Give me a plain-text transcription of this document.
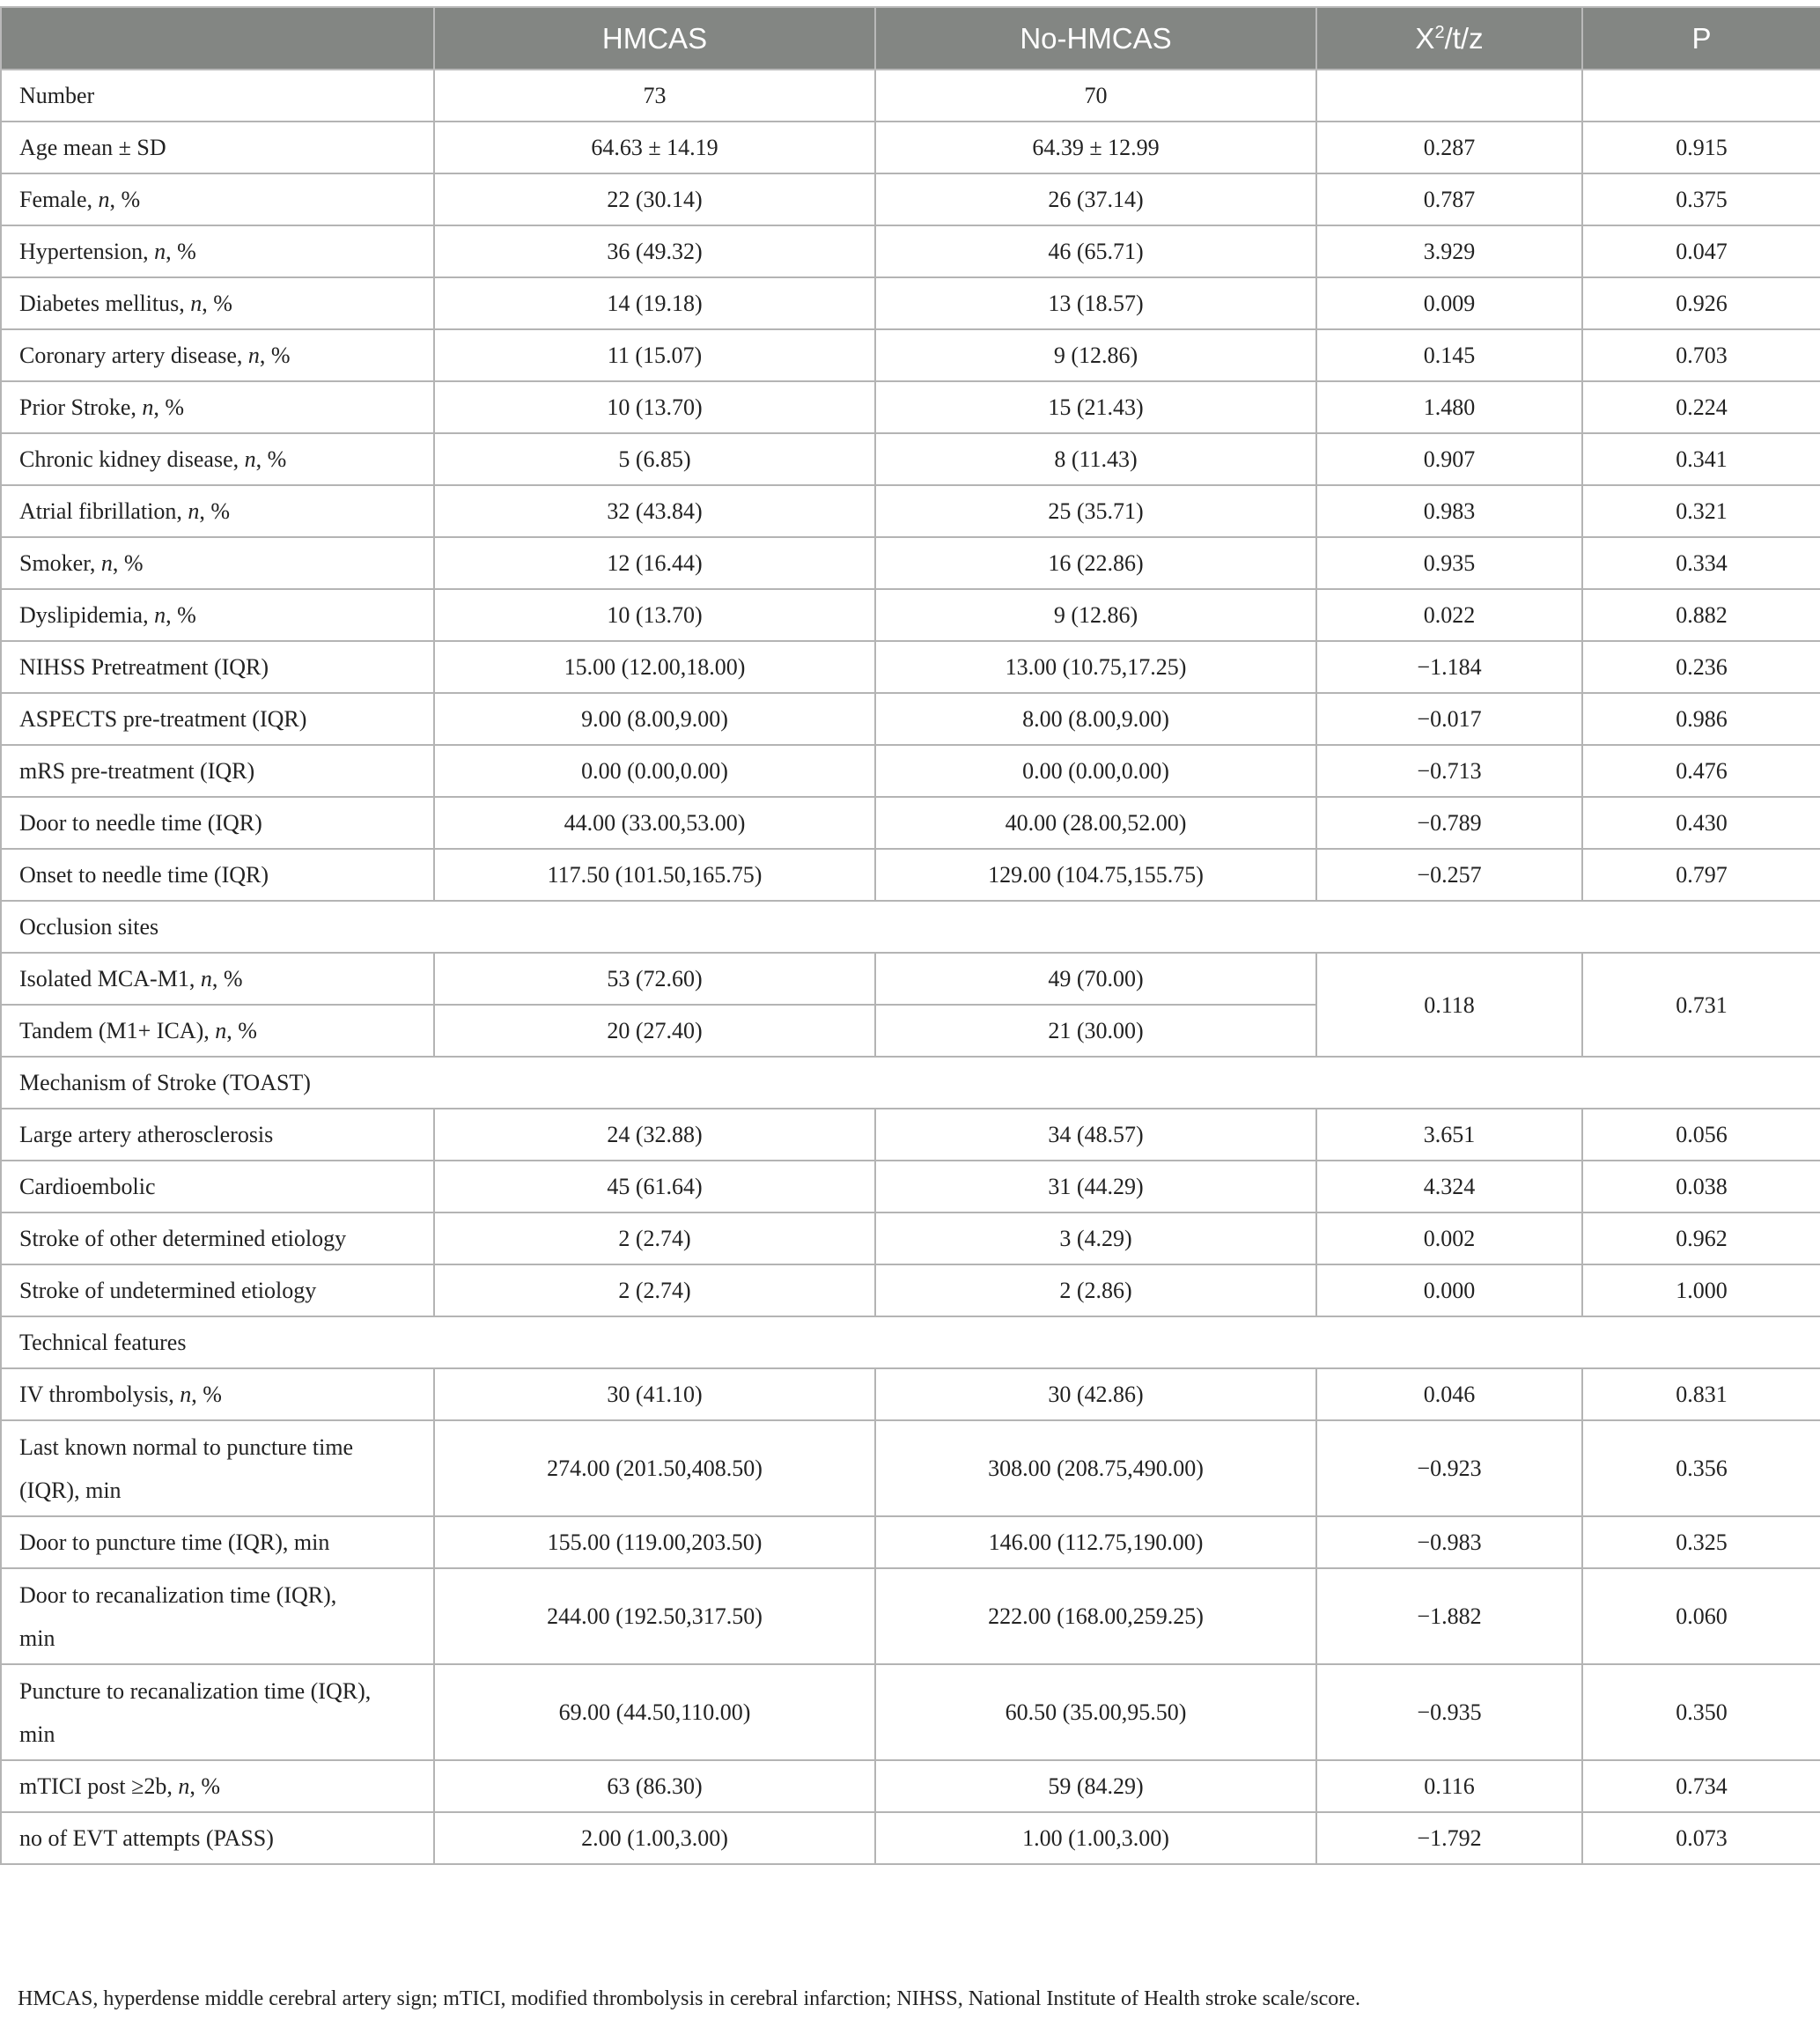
	HMCAS	No-HMCAS	$X^2/t/z$	P
Number	73	70		
Age mean ± SD	64.63 ± 14.19	64.39 ± 12.99	0.287	0.915
Female, n, %	22 (30.14)	26 (37.14)	0.787	0.375
Hypertension, n, %	36 (49.32)	46 (65.71)	3.929	0.047
Diabetes mellitus, n, %	14 (19.18)	13 (18.57)	0.009	0.926
Coronary artery disease, n, %	11 (15.07)	9 (12.86)	0.145	0.703
Prior Stroke, n, %	10 (13.70)	15 (21.43)	1.480	0.224
Chronic kidney disease, n, %	5 (6.85)	8 (11.43)	0.907	0.341
Atrial fibrillation, n, %	32 (43.84)	25 (35.71)	0.983	0.321
Smoker, n, %	12 (16.44)	16 (22.86)	0.935	0.334
Dyslipidemia, n, %	10 (13.70)	9 (12.86)	0.022	0.882
NIHSS Pretreatment (IQR)	15.00 (12.00,18.00)	13.00 (10.75,17.25)	−1.184	0.236
ASPECTS pre-treatment (IQR)	9.00 (8.00,9.00)	8.00 (8.00,9.00)	−0.017	0.986
mRS pre-treatment (IQR)	0.00 (0.00,0.00)	0.00 (0.00,0.00)	−0.713	0.476
Door to needle time (IQR)	44.00 (33.00,53.00)	40.00 (28.00,52.00)	−0.789	0.430
Onset to needle time (IQR)	117.50 (101.50,165.75)	129.00 (104.75,155.75)	−0.257	0.797
Occlusion sites				
Isolated MCA-M1, n, %	53 (72.60)	49 (70.00)	0.118	0.731
Tandem (M1+ ICA), n, %	20 (27.40)	21 (30.00)		
Mechanism of Stroke (TOAST)				
Large artery atherosclerosis	24 (32.88)	34 (48.57)	3.651	0.056
Cardioembolic	45 (61.64)	31 (44.29)	4.324	0.038
Stroke of other determined etiology	2 (2.74)	3 (4.29)	0.002	0.962
Stroke of undetermined etiology	2 (2.74)	2 (2.86)	0.000	1.000
Technical features				
IV thrombolysis, n, %	30 (41.10)	30 (42.86)	0.046	0.831
Last known normal to puncture time
(IQR), min	274.00 (201.50,408.50)	308.00 (208.75,490.00)	−0.923	0.356
Door to puncture time (IQR), min	155.00 (119.00,203.50)	146.00 (112.75,190.00)	−0.983	0.325
Door to recanalization time (IQR),
min	244.00 (192.50,317.50)	222.00 (168.00,259.25)	−1.882	0.060
Puncture to recanalization time (IQR),
min	69.00 (44.50,110.00)	60.50 (35.00,95.50)	−0.935	0.350
mTICI post ≥2b, n, %	63 (86.30)	59 (84.29)	0.116	0.734
no of EVT attempts (PASS)	2.00 (1.00,3.00)	1.00 (1.00,3.00)	−1.792	0.073
HMCAS, hyperdense middle cerebral artery sign; mTICI, modified thrombolysis in cerebral infarction; NIHSS, National Institute of Health stroke scale/score.
